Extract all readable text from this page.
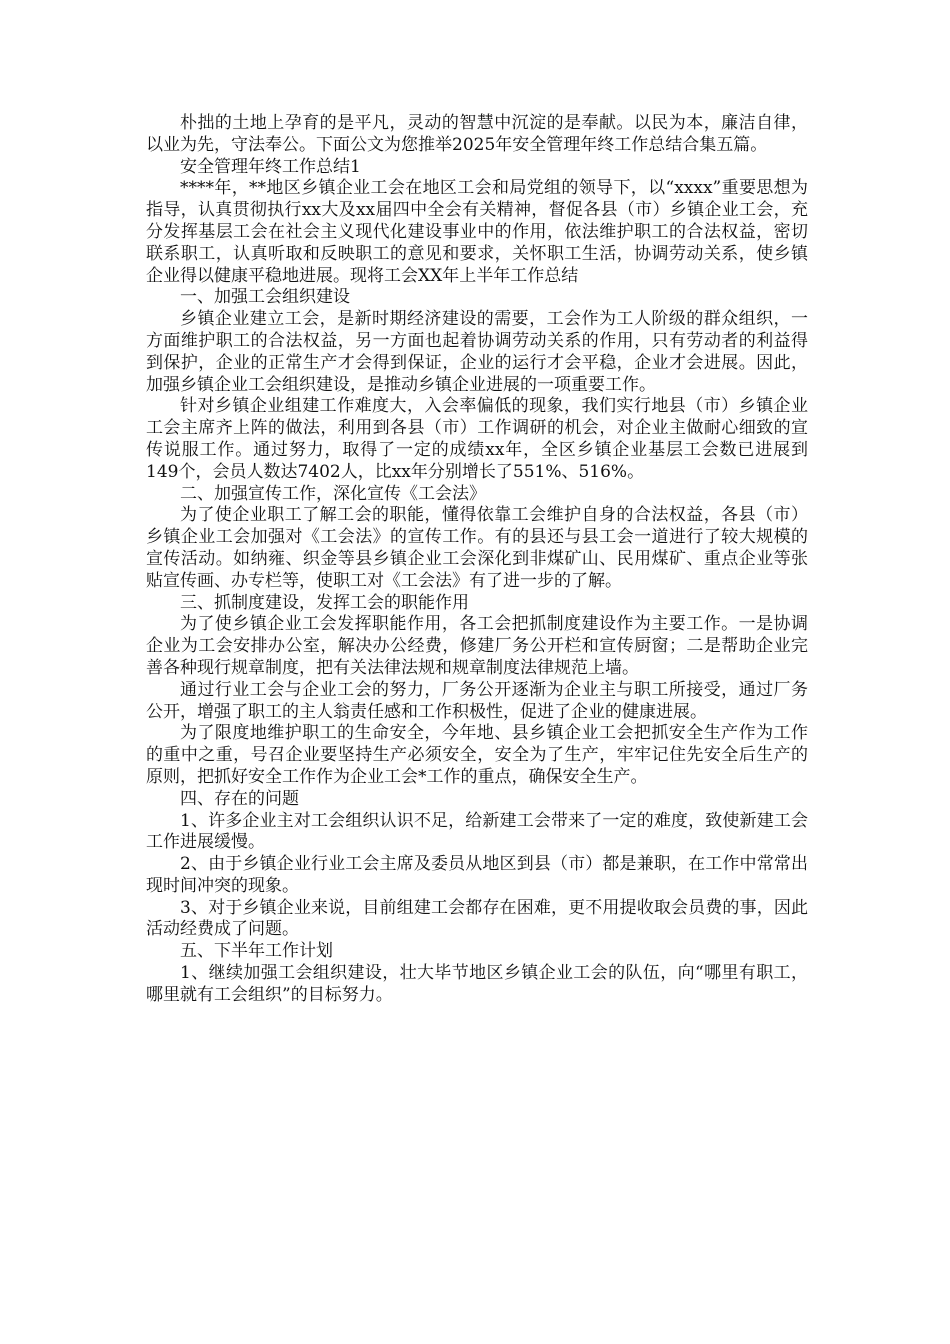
朴拙的土地上孕育的是平凡，灵动的智慧中沉淀的是奉献。以民为本，廉洁自律，以业为先，守法奉公。下面公文为您推举2025年安全管理年终工作总结合集五篇。

安全管理年终工作总结1

****年，**地区乡镇企业工会在地区工会和局党组的领导下，以“xxxx”重要思想为指导，认真贯彻执行xx大及xx届四中全会有关精神，督促各县（市）乡镇企业工会，充分发挥基层工会在社会主义现代化建设事业中的作用，依法维护职工的合法权益，密切联系职工，认真听取和反映职工的意见和要求，关怀职工生活，协调劳动关系，使乡镇企业得以健康平稳地进展。现将工会XX年上半年工作总结

一、加强工会组织建设

乡镇企业建立工会，是新时期经济建设的需要，工会作为工人阶级的群众组织，一方面维护职工的合法权益，另一方面也起着协调劳动关系的作用，只有劳动者的利益得到保护，企业的正常生产才会得到保证，企业的运行才会平稳，企业才会进展。因此，加强乡镇企业工会组织建设，是推动乡镇企业进展的一项重要工作。

针对乡镇企业组建工作难度大，入会率偏低的现象，我们实行地县（市）乡镇企业工会主席齐上阵的做法，利用到各县（市）工作调研的机会，对企业主做耐心细致的宣传说服工作。通过努力，取得了一定的成绩xx年，全区乡镇企业基层工会数已进展到149个，会员人数达7402人，比xx年分别增长了551%、516%。

二、加强宣传工作，深化宣传《工会法》

为了使企业职工了解工会的职能，懂得依靠工会维护自身的合法权益，各县（市）乡镇企业工会加强对《工会法》的宣传工作。有的县还与县工会一道进行了较大规模的宣传活动。如纳雍、织金等县乡镇企业工会深化到非煤矿山、民用煤矿、重点企业等张贴宣传画、办专栏等，使职工对《工会法》有了进一步的了解。

三、抓制度建设，发挥工会的职能作用

为了使乡镇企业工会发挥职能作用，各工会把抓制度建设作为主要工作。一是协调企业为工会安排办公室，解决办公经费，修建厂务公开栏和宣传厨窗；二是帮助企业完善各种现行规章制度，把有关法律法规和规章制度法律规范上墙。

通过行业工会与企业工会的努力，厂务公开逐渐为企业主与职工所接受，通过厂务公开，增强了职工的主人翁责任感和工作积极性，促进了企业的健康进展。

为了限度地维护职工的生命安全，今年地、县乡镇企业工会把抓安全生产作为工作的重中之重，号召企业要坚持生产必须安全，安全为了生产，牢牢记住先安全后生产的原则，把抓好安全工作作为企业工会*工作的重点，确保安全生产。

四、存在的问题

1、许多企业主对工会组织认识不足，给新建工会带来了一定的难度，致使新建工会工作进展缓慢。

2、由于乡镇企业行业工会主席及委员从地区到县（市）都是兼职，在工作中常常出现时间冲突的现象。

3、对于乡镇企业来说，目前组建工会都存在困难，更不用提收取会员费的事，因此活动经费成了问题。

五、下半年工作计划

1、继续加强工会组织建设，壮大毕节地区乡镇企业工会的队伍，向“哪里有职工，哪里就有工会组织”的目标努力。
